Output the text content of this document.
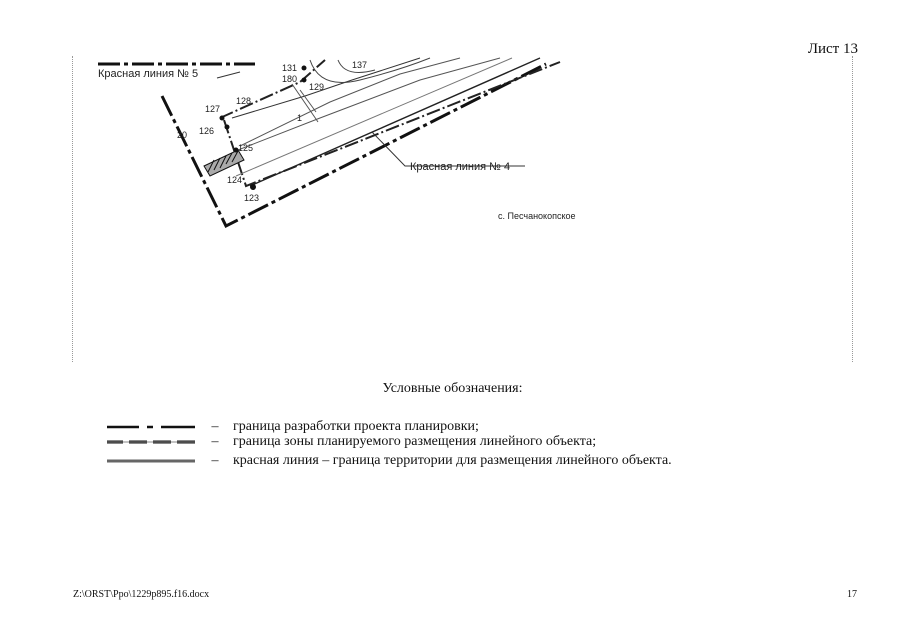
Лист 13
131
180
129
137
128
127
126
125
124
123
20
1
Красная линия № 5
Красная линия № 4
с. Песчанокопское
Условные обозначения:
–	граница разработки проекта планировки;
–	граница зоны планируемого размещения линейного объекта;
–	красная линия – граница территории для размещения линейного объекта.
Z:\ORST\Ppo\1229p895.f16.docx	17
